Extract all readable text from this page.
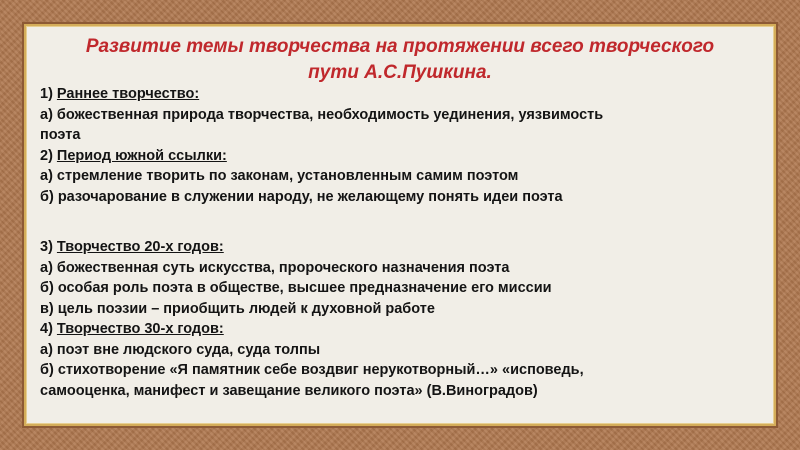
Развитие темы творчества на протяжении всего творческого
пути А.С.Пушкина.
1) Раннее творчество:
а) божественная природа творчества, необходимость уединения, уязвимость
поэта
2) Период южной ссылки:
а) стремление творить по законам, установленным самим поэтом
б) разочарование в служении народу, не желающему понять идеи поэта
3) Творчество 20-х годов:
а) божественная суть искусства, пророческого назначения поэта
б) особая роль поэта в обществе, высшее предназначение его миссии
в) цель поэзии – приобщить людей к духовной работе
4) Творчество 30-х годов:
а) поэт вне людского суда, суда толпы
б) стихотворение «Я памятник себе воздвиг нерукотворный…» «исповедь,
самооценка, манифест и завещание великого поэта» (В.Виноградов)
